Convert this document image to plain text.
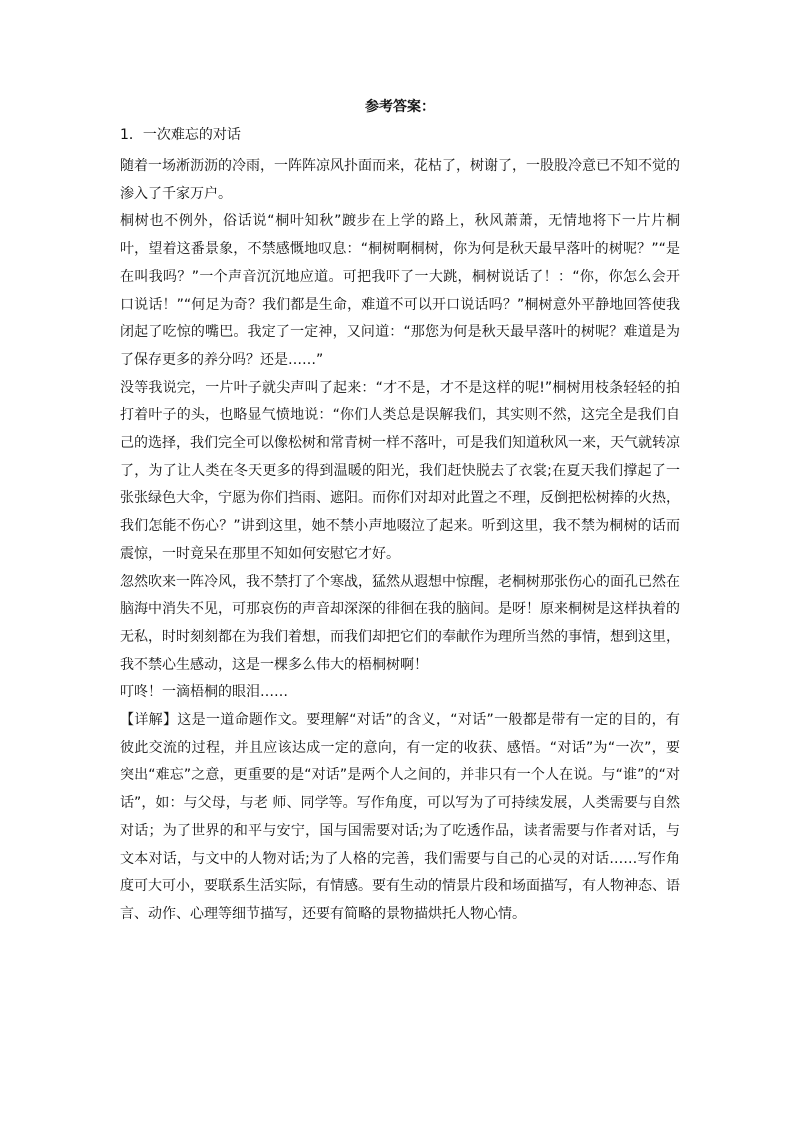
参考答案：
1．一次难忘的对话

随着一场淅沥沥的冷雨，一阵阵凉风扑面而来，花枯了，树谢了，一股股冷意已不知不觉的渗入了千家万户。

桐树也不例外，俗话说“桐叶知秋”踱步在上学的路上，秋风萧萧，无情地将下一片片桐叶，望着这番景象，不禁感慨地叹息：“桐树啊桐树，你为何是秋天最早落叶的树呢？”“是在叫我吗？”一个声音沉沉地应道。可把我吓了一大跳，桐树说话了！：“你，你怎么会开口说话！”“何足为奇？我们都是生命，难道不可以开口说话吗？”桐树意外平静地回答使我闭起了吃惊的嘴巴。我定了一定神，又问道：“那您为何是秋天最早落叶的树呢？难道是为了保存更多的养分吗？还是……”

没等我说完，一片叶子就尖声叫了起来：“才不是，才不是这样的呢!”桐树用枝条轻轻的拍打着叶子的头，也略显气愤地说：“你们人类总是误解我们，其实则不然，这完全是我们自己的选择，我们完全可以像松树和常青树一样不落叶，可是我们知道秋风一来，天气就转凉了，为了让人类在冬天更多的得到温暖的阳光，我们赶快脱去了衣裳;在夏天我们撑起了一张张绿色大伞，宁愿为你们挡雨、遮阳。而你们对却对此置之不理，反倒把松树捧的火热，我们怎能不伤心？”讲到这里，她不禁小声地啜泣了起来。听到这里，我不禁为桐树的话而震惊，一时竟呆在那里不知如何安慰它才好。

忽然吹来一阵冷风，我不禁打了个寒战，猛然从遐想中惊醒，老桐树那张伤心的面孔已然在脑海中消失不见，可那哀伤的声音却深深的徘徊在我的脑间。是呀！原来桐树是这样执着的无私，时时刻刻都在为我们着想，而我们却把它们的奉献作为理所当然的事情，想到这里，我不禁心生感动，这是一棵多么伟大的梧桐树啊！

叮咚！一滴梧桐的眼泪……

【详解】这是一道命题作文。要理解“对话”的含义，“对话”一般都是带有一定的目的，有彼此交流的过程，并且应该达成一定的意向，有一定的收获、感悟。“对话”为“一次”，要突出“难忘”之意，更重要的是“对话”是两个人之间的，并非只有一个人在说。与“谁”的“对话”，如：与父母，与老 师、同学等。写作角度，可以写为了可持续发展，人类需要与自然对话；为了世界的和平与安宁，国与国需要对话;为了吃透作品，读者需要与作者对话，与文本对话，与文中的人物对话;为了人格的完善，我们需要与自己的心灵的对话……写作角度可大可小，要联系生活实际，有情感。要有生动的情景片段和场面描写，有人物神态、语言、动作、心理等细节描写，还要有简略的景物描烘托人物心情。
